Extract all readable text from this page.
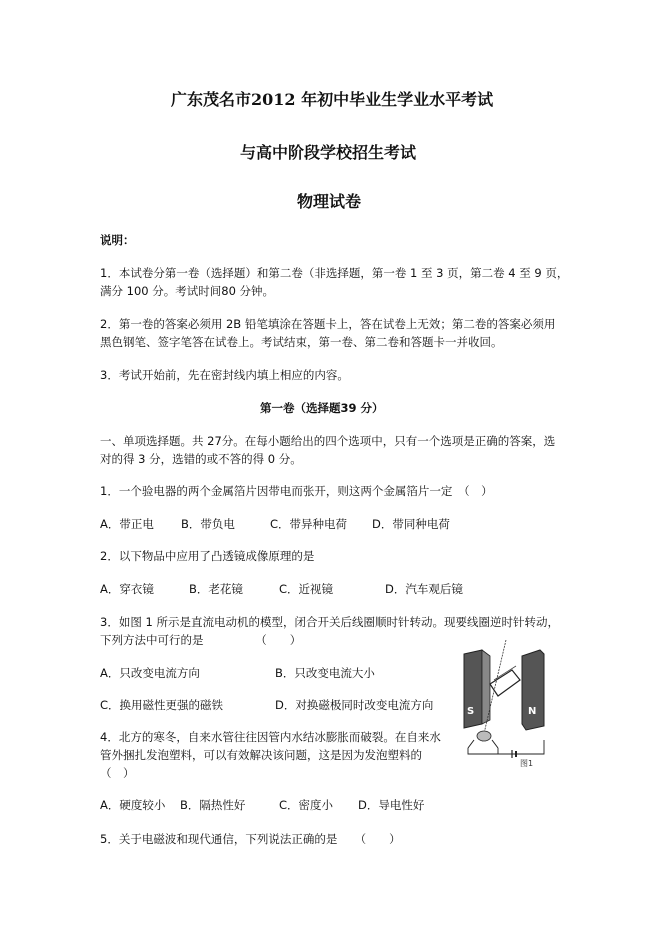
广东茂名市2012 年初中毕业生学业水平考试
与高中阶段学校招生考试
物理试卷
说明：
1．本试卷分第一卷（选择题）和第二卷（非选择题，第一卷 1 至 3 页，第二卷 4 至 9 页，
满分 100 分。考试时间80 分钟。
2．第一卷的答案必须用 2B 铅笔填涂在答题卡上，答在试卷上无效；第二卷的答案必须用
黑色钢笔、签字笔答在试卷上。考试结束，第一卷、第二卷和答题卡一并收回。
3．考试开始前，先在密封线内填上相应的内容。
第一卷（选择题39 分）
一、单项选择题。共 27分。在每小题给出的四个选项中，只有一个选项是正确的答案，选
对的得 3 分，选错的或不答的得 0 分。
1．一个验电器的两个金属箔片因带电而张开，则这两个金属箔片一定　（　）
A．带正电 B．带负电	C．带异种电荷 D．带同种电荷
2．以下物品中应用了凸透镜成像原理的是
A．穿衣镜	B．老花镜	C．近视镜	D．汽车观后镜
3．如图 1 所示是直流电动机的模型，闭合开关后线圈顺时针转动。现要线圈逆时针转动，
下列方法中可行的是　　　　　（　　）
A．只改变电流方向	B．只改变电流大小
C．换用磁性更强的磁铁	D．对换磁极同时改变电流方向
4．北方的寒冬，自来水管往往因管内水结冰膨胀而破裂。在自来水
管外捆扎发泡塑料，可以有效解决该问题，这是因为发泡塑料的
（　）
A．硬度较小 B．隔热性好	C．密度小 D．导电性好
5．关于电磁波和现代通信，下列说法正确的是　　（　　）
S	N
图1
